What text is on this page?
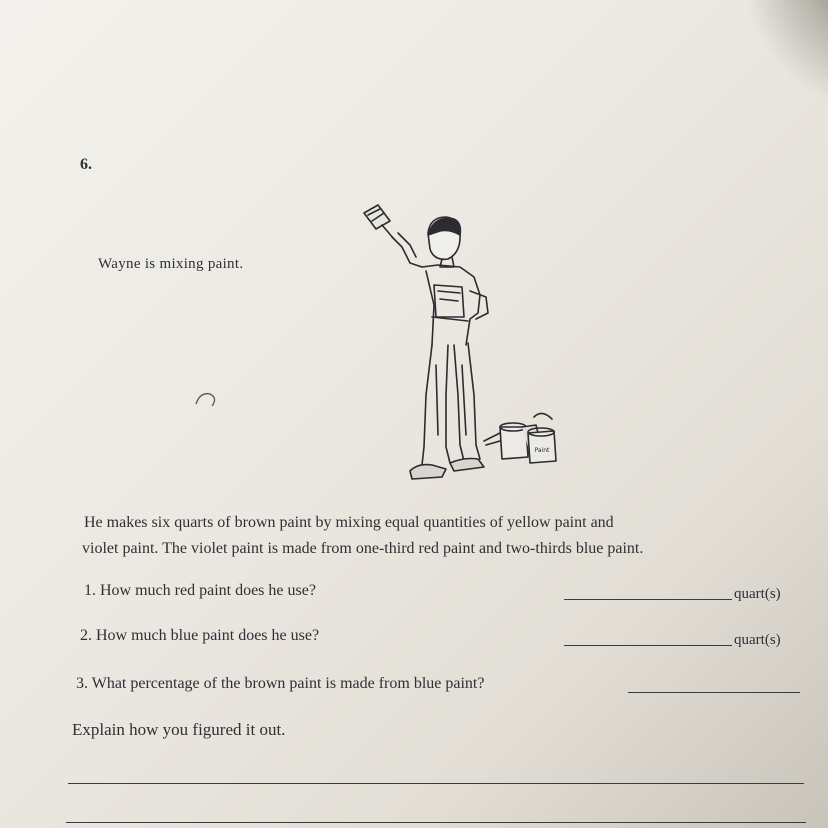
6.
Wayne is mixing paint.
Paint
He makes six quarts of brown paint by mixing equal quantities of yellow paint and
violet paint. The violet paint is made from one-third red paint and two-thirds blue paint.
1. How much red paint does he use?	quart(s)
2. How much blue paint does he use?	quart(s)
3. What percentage of the brown paint is made from blue paint?
Explain how you figured it out.
